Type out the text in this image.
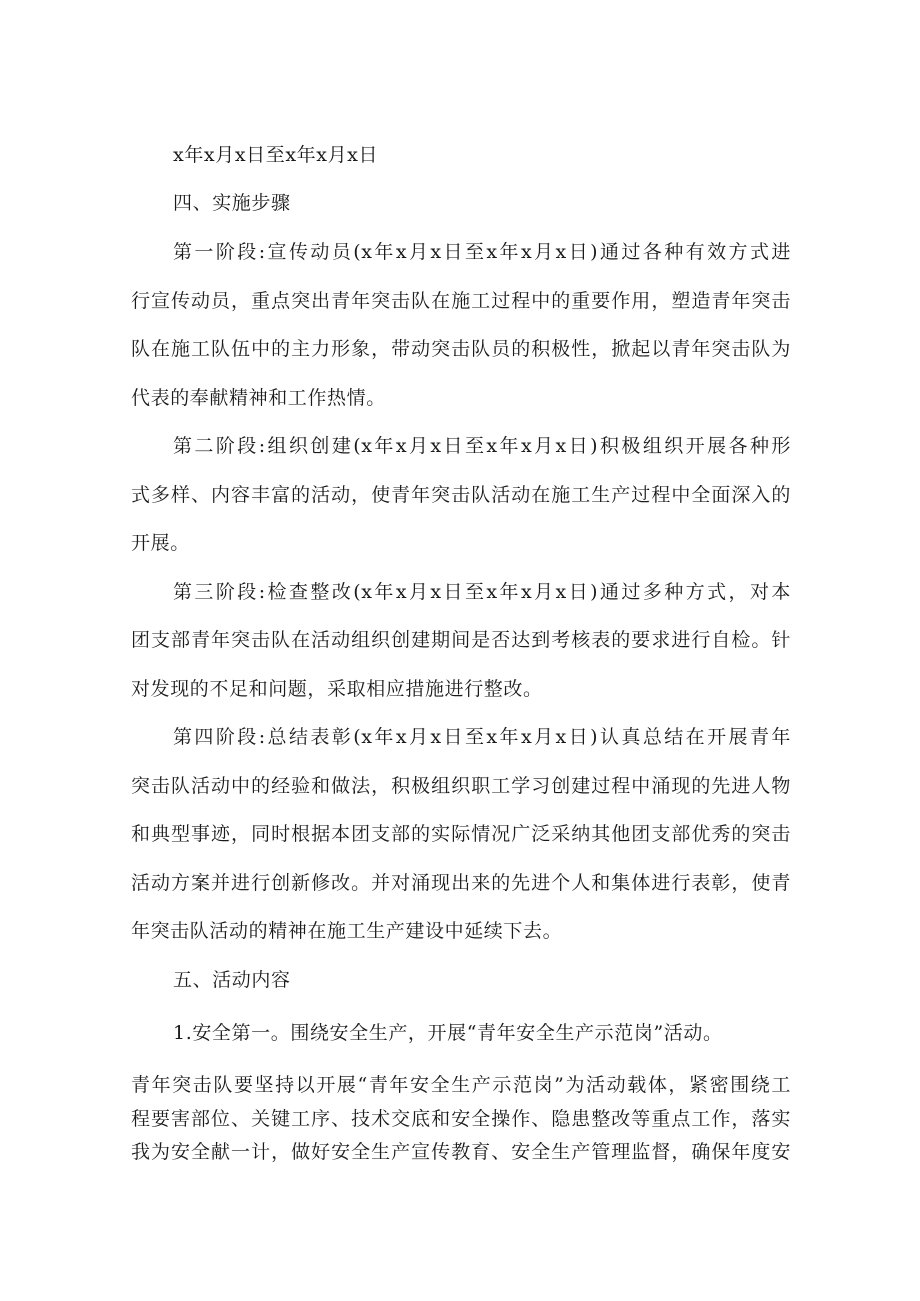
x年x月x日至x年x月x日
四、实施步骤
第一阶段:宣传动员(x年x月x日至x年x月x日)通过各种有效方式进
行宣传动员，重点突出青年突击队在施工过程中的重要作用，塑造青年突击
队在施工队伍中的主力形象，带动突击队员的积极性，掀起以青年突击队为
代表的奉献精神和工作热情。
第二阶段:组织创建(x年x月x日至x年x月x日)积极组织开展各种形
式多样、内容丰富的活动，使青年突击队活动在施工生产过程中全面深入的
开展。
第三阶段:检查整改(x年x月x日至x年x月x日)通过多种方式，对本
团支部青年突击队在活动组织创建期间是否达到考核表的要求进行自检。针
对发现的不足和问题，采取相应措施进行整改。
第四阶段:总结表彰(x年x月x日至x年x月x日)认真总结在开展青年
突击队活动中的经验和做法，积极组织职工学习创建过程中涌现的先进人物
和典型事迹，同时根据本团支部的实际情况广泛采纳其他团支部优秀的突击
活动方案并进行创新修改。并对涌现出来的先进个人和集体进行表彰，使青
年突击队活动的精神在施工生产建设中延续下去。
五、活动内容
1.安全第一。围绕安全生产，开展“青年安全生产示范岗”活动。
青年突击队要坚持以开展“青年安全生产示范岗”为活动载体，紧密围绕工
程要害部位、关键工序、技术交底和安全操作、隐患整改等重点工作，落实
我为安全献一计，做好安全生产宣传教育、安全生产管理监督，确保年度安
